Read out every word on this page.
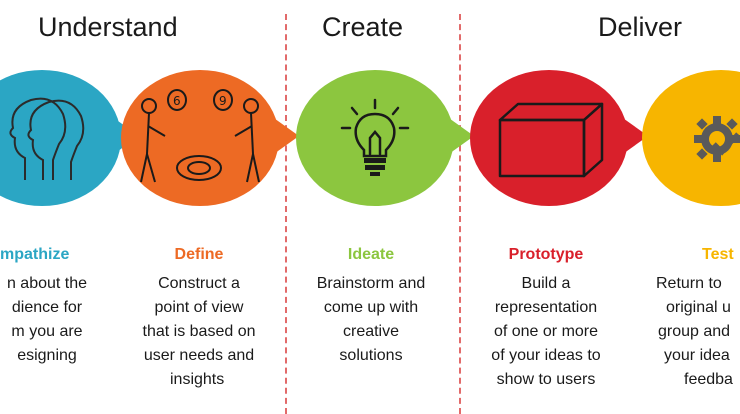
Understand	Create	Deliver
6	9
mpathize	Define	Ideate	Prototype	Test
n about the
dience for
m you are
esigning
Construct a
point of view
that is based on
user needs and
insights
Brainstorm and
come up with
creative
solutions
Build a
representation
of one or more
of your ideas to
show to users
Return to
original u
group and
your idea
feedba
